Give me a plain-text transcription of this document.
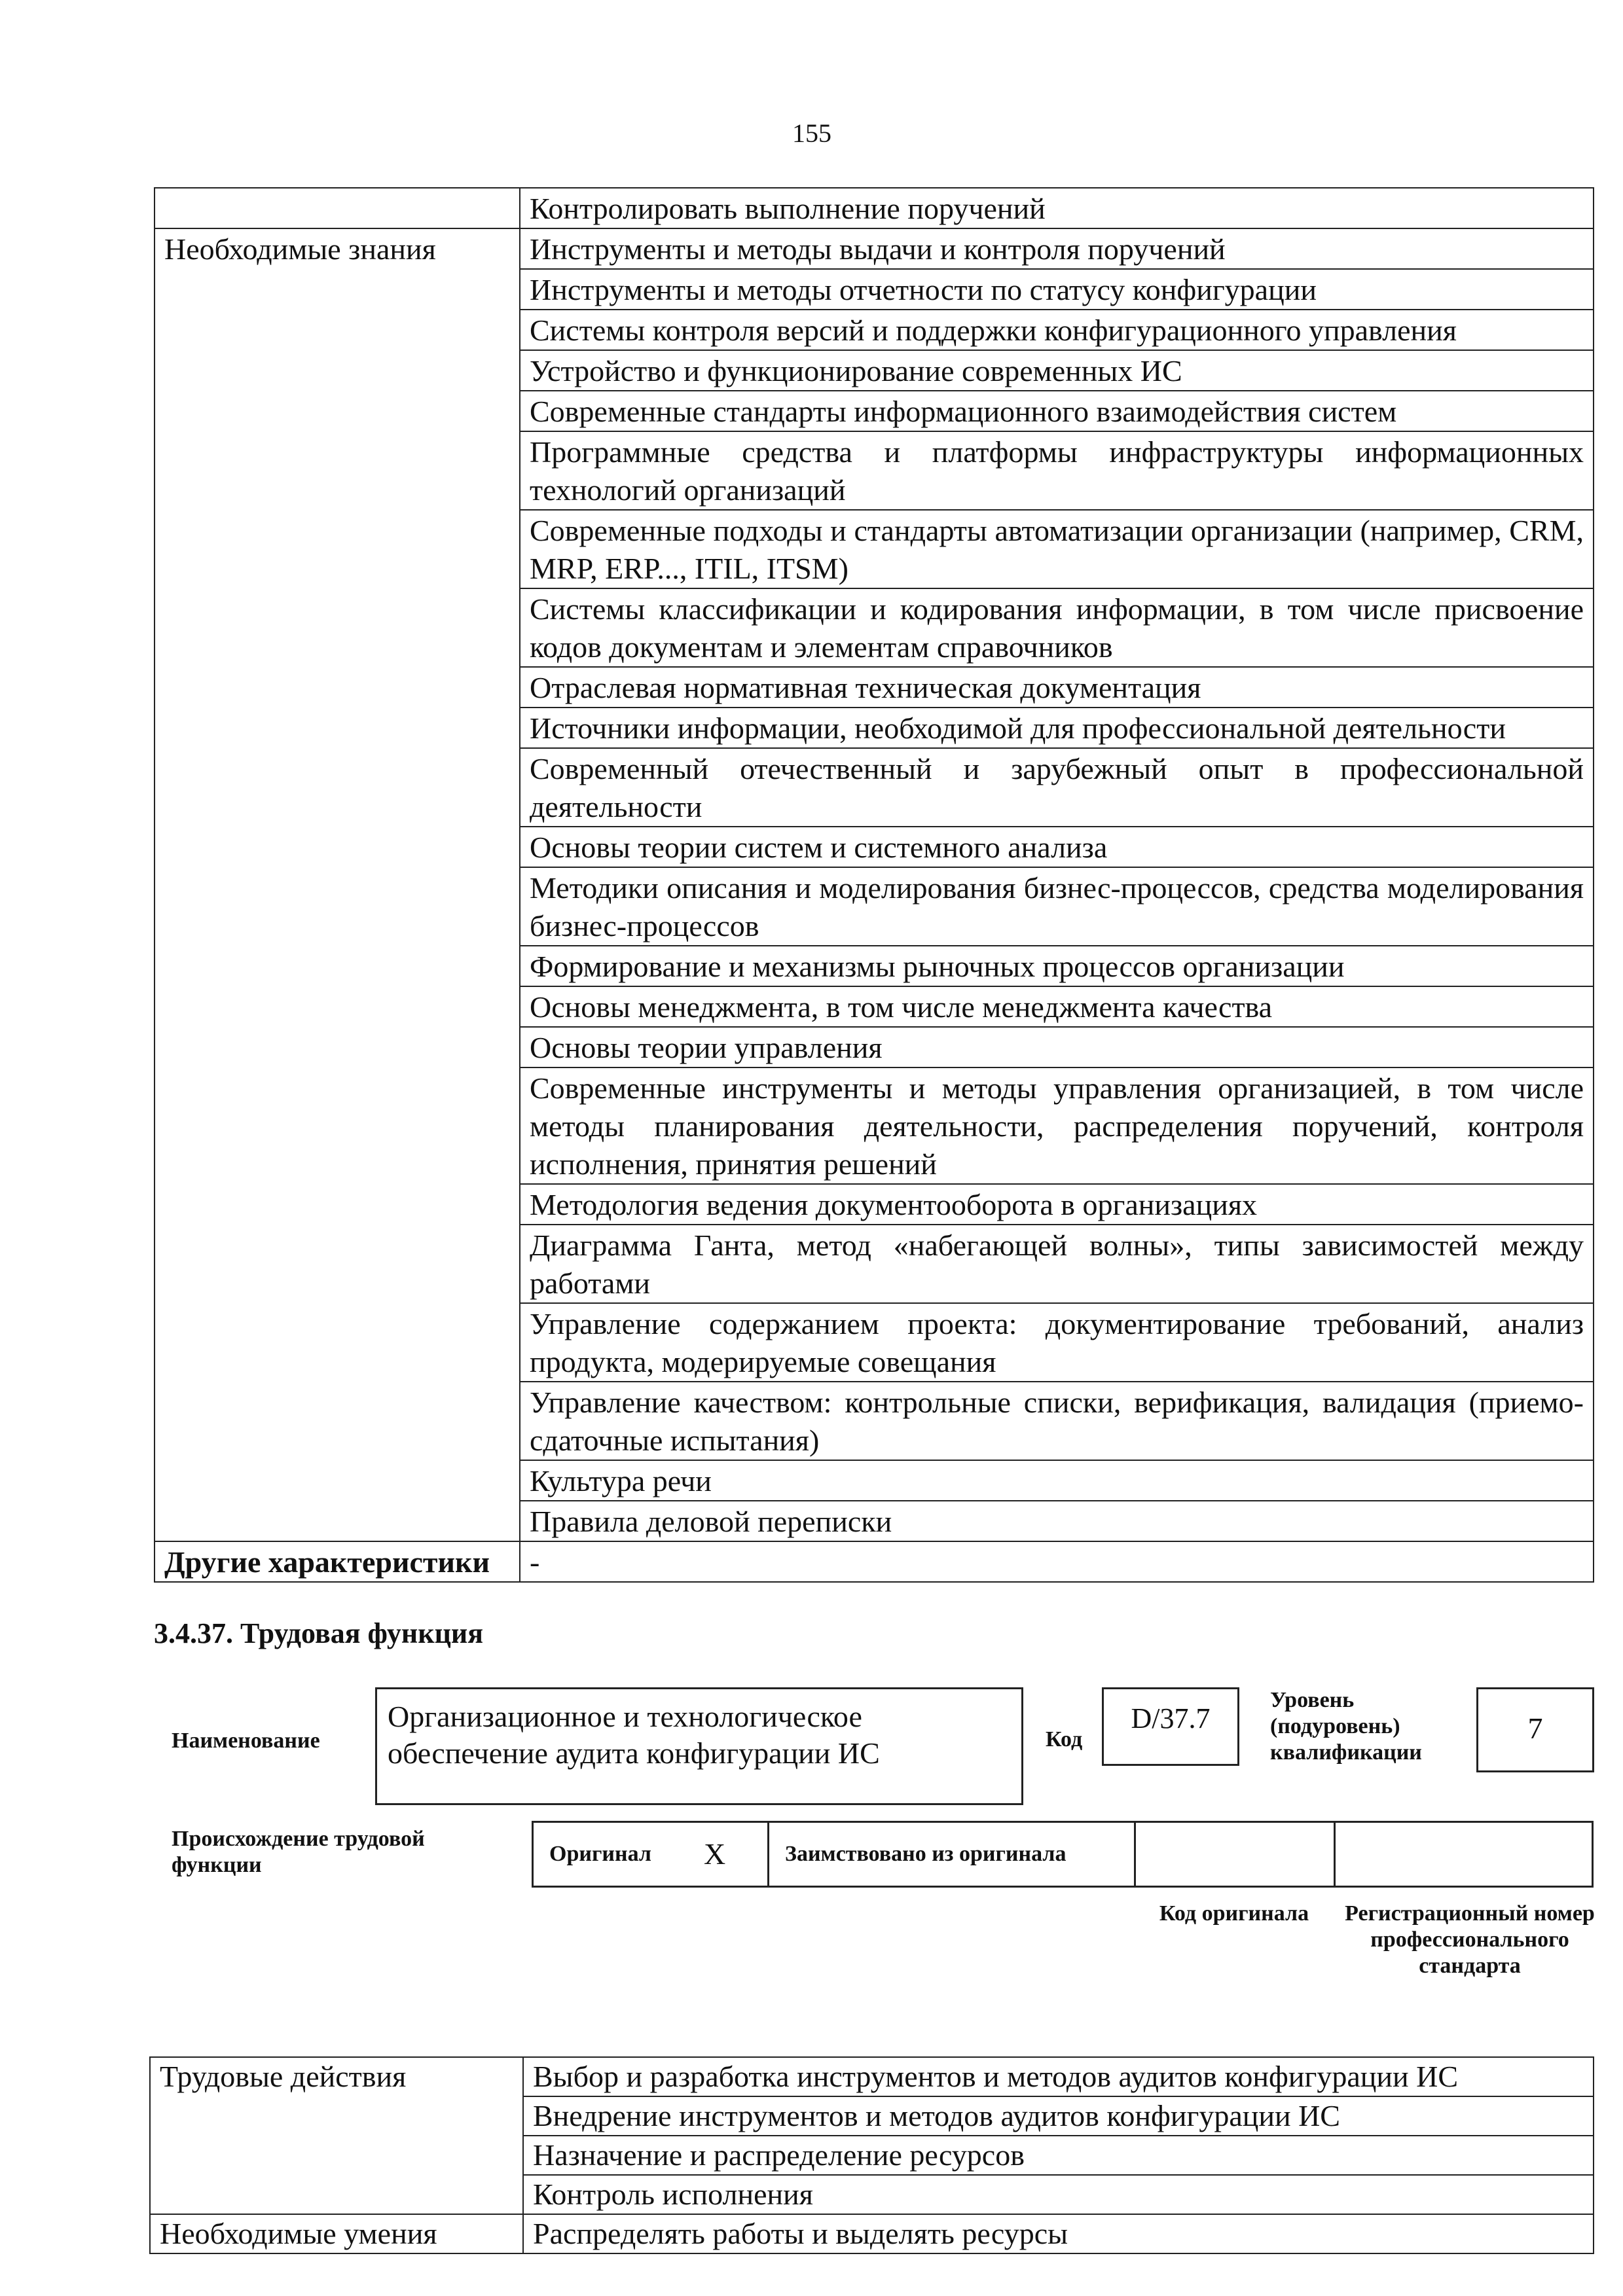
155
	Контролировать выполнение поручений
Необходимые знания	Инструменты и методы выдачи и контроля поручений
	Инструменты и методы отчетности по статусу конфигурации
	Системы контроля версий и поддержки конфигурационного управления
	Устройство и функционирование современных ИС
	Современные стандарты информационного взаимодействия систем
	Программные средства и платформы инфраструктуры информационных технологий организаций
	Современные подходы и стандарты автоматизации организации (например, CRM, MRP, ERP..., ITIL, ITSM)
	Системы классификации и кодирования информации, в том числе присвоение кодов документам и элементам справочников
	Отраслевая нормативная техническая документация
	Источники информации, необходимой для профессиональной деятельности
	Современный отечественный и зарубежный опыт в профессиональной деятельности
	Основы теории систем и системного анализа
	Методики описания и моделирования бизнес-процессов, средства моделирования бизнес-процессов
	Формирование и механизмы рыночных процессов организации
	Основы менеджмента, в том числе менеджмента качества
	Основы теории управления
	Современные инструменты и методы управления организацией, в том числе методы планирования деятельности, распределения поручений, контроля исполнения, принятия решений
	Методология ведения документооборота в организациях
	Диаграмма Ганта, метод «набегающей волны», типы зависимостей между работами
	Управление содержанием проекта: документирование требований, анализ продукта, модерируемые совещания
	Управление качеством: контрольные списки, верификация, валидация (приемо-сдаточные испытания)
	Культура речи
	Правила деловой переписки
Другие характеристики	-
3.4.37. Трудовая функция
Наименование
Организационное и технологическое обеспечение аудита конфигурации ИС	Код
D/37.7
Уровень (подуровень) квалификации
7
Происхождение трудовой функции	Оригинал X	Заимствовано из оригинала
Код оригинала	Регистрационный номер профессионального стандарта
Трудовые действия	Выбор и разработка инструментов и методов аудитов конфигурации ИС
	Внедрение инструментов и методов аудитов конфигурации ИС
	Назначение и распределение ресурсов
	Контроль исполнения
Необходимые умения	Распределять работы и выделять ресурсы
